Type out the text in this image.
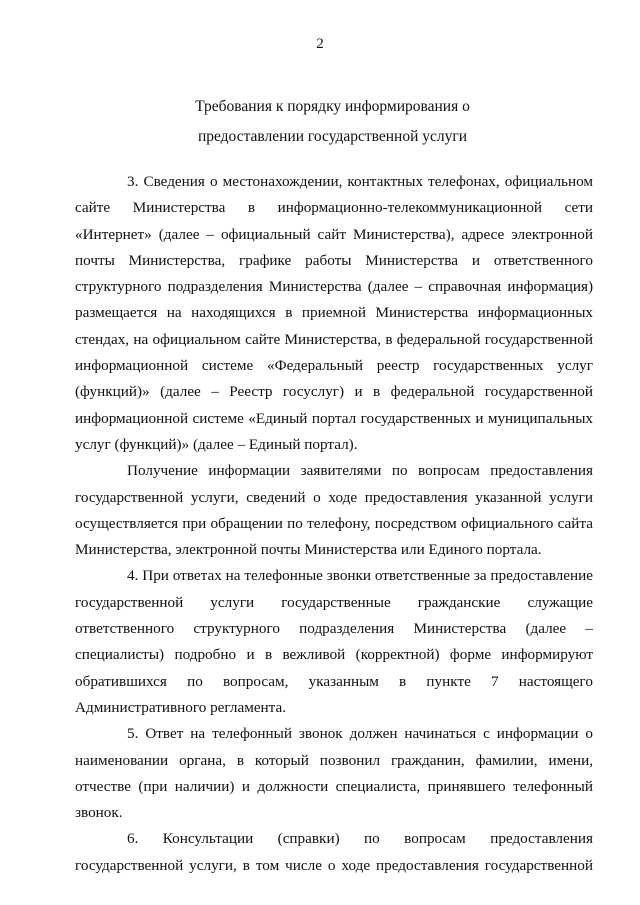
2
Требования к порядку информирования о
предоставлении государственной услуги
3. Сведения о местонахождении, контактных телефонах, официальном
сайте Министерства в информационно-телекоммуникационной сети
«Интернет» (далее – официальный сайт Министерства), адресе электронной
почты Министерства, графике работы Министерства и ответственного
структурного подразделения Министерства (далее – справочная информация)
размещается на находящихся в приемной Министерства информационных
стендах, на официальном сайте Министерства, в федеральной государственной
информационной системе «Федеральный реестр государственных услуг
(функций)» (далее – Реестр госуслуг) и в федеральной государственной
информационной системе «Единый портал государственных и муниципальных
услуг (функций)» (далее – Единый портал).
Получение информации заявителями по вопросам предоставления
государственной услуги, сведений о ходе предоставления указанной услуги
осуществляется при обращении по телефону, посредством официального сайта
Министерства, электронной почты Министерства или Единого портала.
4. При ответах на телефонные звонки ответственные за предоставление
государственной услуги государственные гражданские служащие
ответственного структурного подразделения Министерства (далее –
специалисты) подробно и в вежливой (корректной) форме информируют
обратившихся по вопросам, указанным в пункте 7 настоящего
Административного регламента.
5. Ответ на телефонный звонок должен начинаться с информации о
наименовании органа, в который позвонил гражданин, фамилии, имени,
отчестве (при наличии) и должности специалиста, принявшего телефонный
звонок.
6. Консультации (справки) по вопросам предоставления
государственной услуги, в том числе о ходе предоставления государственной
